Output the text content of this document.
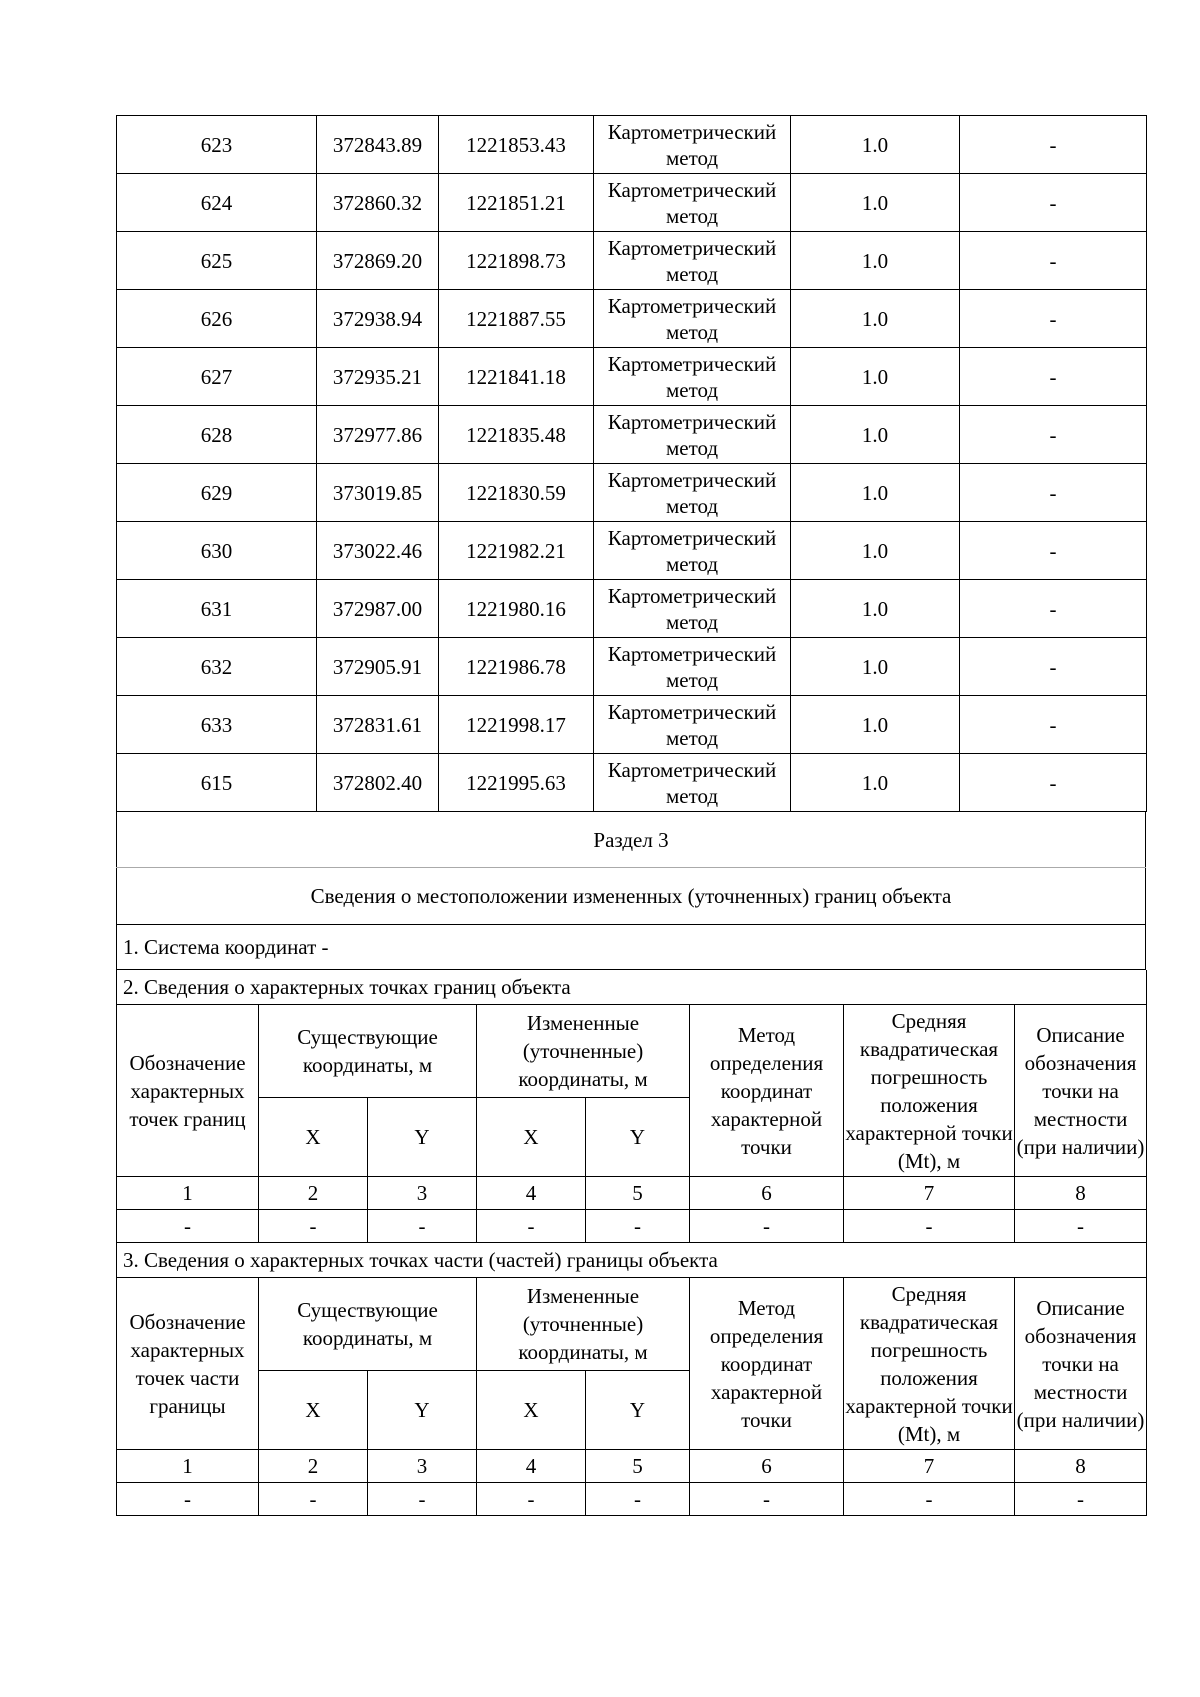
623	372843.89	1221853.43	Картометрический метод	1.0	-
624	372860.32	1221851.21	Картометрический метод	1.0	-
625	372869.20	1221898.73	Картометрический метод	1.0	-
626	372938.94	1221887.55	Картометрический метод	1.0	-
627	372935.21	1221841.18	Картометрический метод	1.0	-
628	372977.86	1221835.48	Картометрический метод	1.0	-
629	373019.85	1221830.59	Картометрический метод	1.0	-
630	373022.46	1221982.21	Картометрический метод	1.0	-
631	372987.00	1221980.16	Картометрический метод	1.0	-
632	372905.91	1221986.78	Картометрический метод	1.0	-
633	372831.61	1221998.17	Картометрический метод	1.0	-
615	372802.40	1221995.63	Картометрический метод	1.0	-
Раздел 3
Сведения о местоположении измененных (уточненных) границ объекта
1. Система координат -
2. Сведения о характерных точках границ объекта							
Обозначение характерных точек границ	Существующие координаты, м		Измененные (уточненные) координаты, м		Метод определения координат характерной точки	Средняя квадратическая погрешность положения характерной точки (Mt), м	Описание обозначения точки на местности (при наличии)
	X	Y	X	Y			
1	2	3	4	5	6	7	8
-	-	-	-	-	-	-	-
3. Сведения о характерных точках части (частей) границы объекта							
Обозначение характерных точек части границы	Существующие координаты, м		Измененные (уточненные) координаты, м		Метод определения координат характерной точки	Средняя квадратическая погрешность положения характерной точки (Mt), м	Описание обозначения точки на местности (при наличии)
	X	Y	X	Y			
1	2	3	4	5	6	7	8
-	-	-	-	-	-	-	-
